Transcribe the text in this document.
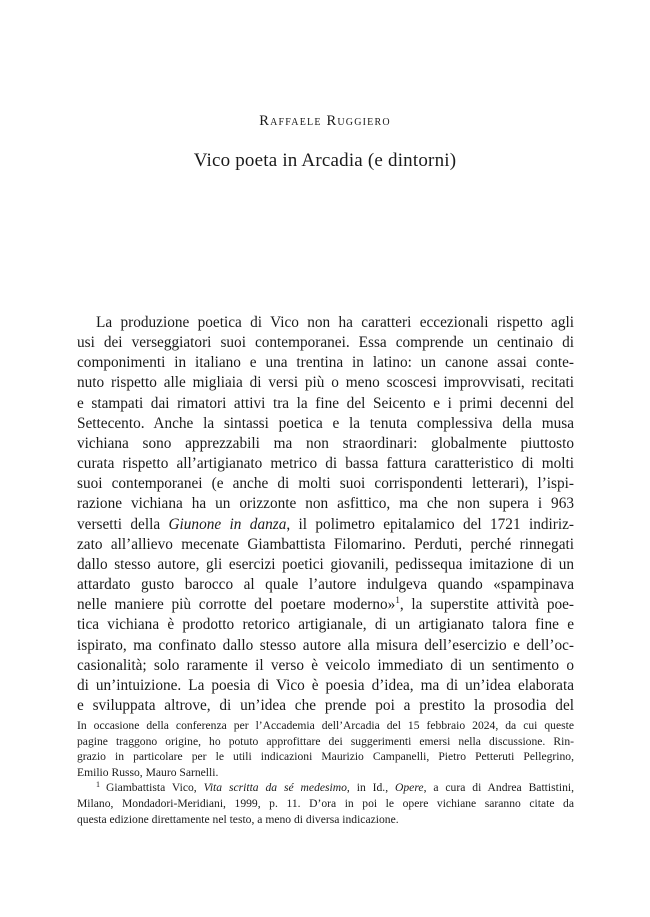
Raffaele Ruggiero
Vico poeta in Arcadia (e dintorni)

La produzione poetica di Vico non ha caratteri eccezionali rispetto agli
usi dei verseggiatori suoi contemporanei. Essa comprende un centinaio di
componimenti in italiano e una trentina in latino: un canone assai conte-
nuto rispetto alle migliaia di versi più o meno scoscesi improvvisati, recitati
e stampati dai rimatori attivi tra la fine del Seicento e i primi decenni del
Settecento. Anche la sintassi poetica e la tenuta complessiva della musa
vichiana sono apprezzabili ma non straordinari: globalmente piuttosto
curata rispetto all’artigianato metrico di bassa fattura caratteristico di molti
suoi contemporanei (e anche di molti suoi corrispondenti letterari), l’ispi-
razione vichiana ha un orizzonte non asfittico, ma che non supera i 963
versetti della Giunone in danza, il polimetro epitalamico del 1721 indiriz-
zato all’allievo mecenate Giambattista Filomarino. Perduti, perché rinnegati
dallo stesso autore, gli esercizi poetici giovanili, pedissequa imitazione di un
attardato gusto barocco al quale l’autore indulgeva quando «spampinava
nelle maniere più corrotte del poetare moderno»$^1$, la superstite attività poe-
tica vichiana è prodotto retorico artigianale, di un artigianato talora fine e
ispirato, ma confinato dallo stesso autore alla misura dell’esercizio e dell’oc-
casionalità; solo raramente il verso è veicolo immediato di un sentimento o
di un’intuizione. La poesia di Vico è poesia d’idea, ma di un’idea elaborata
e sviluppata altrove, di un’idea che prende poi a prestito la prosodia del

In occasione della conferenza per l’Accademia dell’Arcadia del 15 febbraio 2024, da cui queste
pagine traggono origine, ho potuto approfittare dei suggerimenti emersi nella discussione. Rin-
grazio in particolare per le utili indicazioni Maurizio Campanelli, Pietro Petteruti Pellegrino,
Emilio Russo, Mauro Sarnelli.
$^1$ Giambattista Vico, Vita scritta da sé medesimo, in Id., Opere, a cura di Andrea Battistini,
Milano, Mondadori-Meridiani, 1999, p. 11. D’ora in poi le opere vichiane saranno citate da
questa edizione direttamente nel testo, a meno di diversa indicazione.
